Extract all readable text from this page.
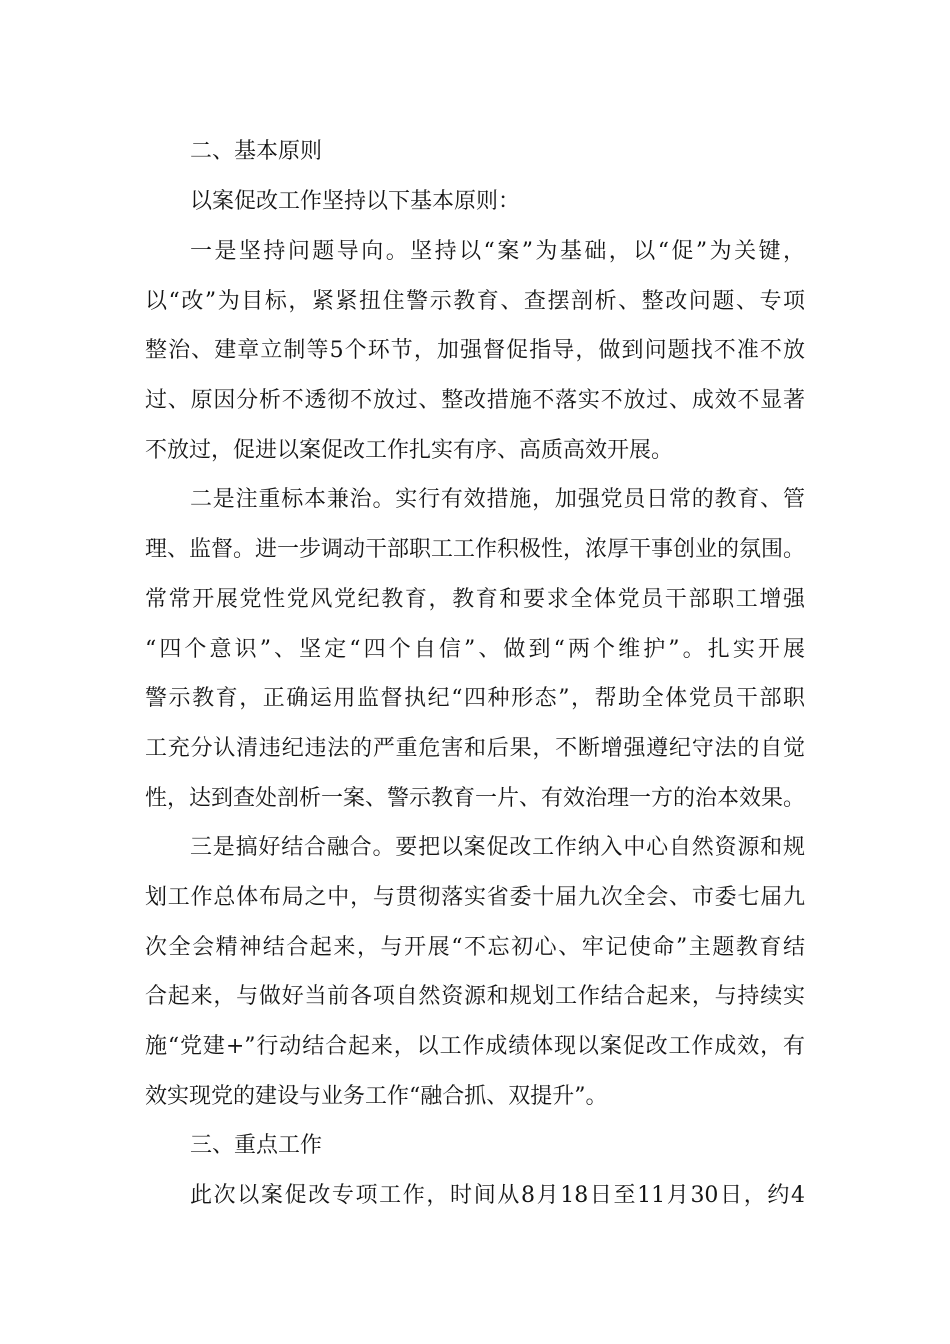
二、基本原则
以案促改工作坚持以下基本原则：
一是坚持问题导向。坚持以“案”为基础，以“促”为关键，
以“改”为目标，紧紧扭住警示教育、查摆剖析、整改问题、专项
整治、建章立制等5个环节，加强督促指导，做到问题找不准不放
过、原因分析不透彻不放过、整改措施不落实不放过、成效不显著
不放过，促进以案促改工作扎实有序、高质高效开展。
二是注重标本兼治。实行有效措施，加强党员日常的教育、管
理、监督。进一步调动干部职工工作积极性，浓厚干事创业的氛围。
常常开展党性党风党纪教育，教育和要求全体党员干部职工增强
“四个意识”、坚定“四个自信”、做到“两个维护”。扎实开展
警示教育，正确运用监督执纪“四种形态”，帮助全体党员干部职
工充分认清违纪违法的严重危害和后果，不断增强遵纪守法的自觉
性，达到查处剖析一案、警示教育一片、有效治理一方的治本效果。
三是搞好结合融合。要把以案促改工作纳入中心自然资源和规
划工作总体布局之中，与贯彻落实省委十届九次全会、市委七届九
次全会精神结合起来，与开展“不忘初心、牢记使命”主题教育结
合起来，与做好当前各项自然资源和规划工作结合起来，与持续实
施“党建+”行动结合起来，以工作成绩体现以案促改工作成效，有
效实现党的建设与业务工作“融合抓、双提升”。
三、重点工作
此次以案促改专项工作，时间从8月18日至11月30日，约4
